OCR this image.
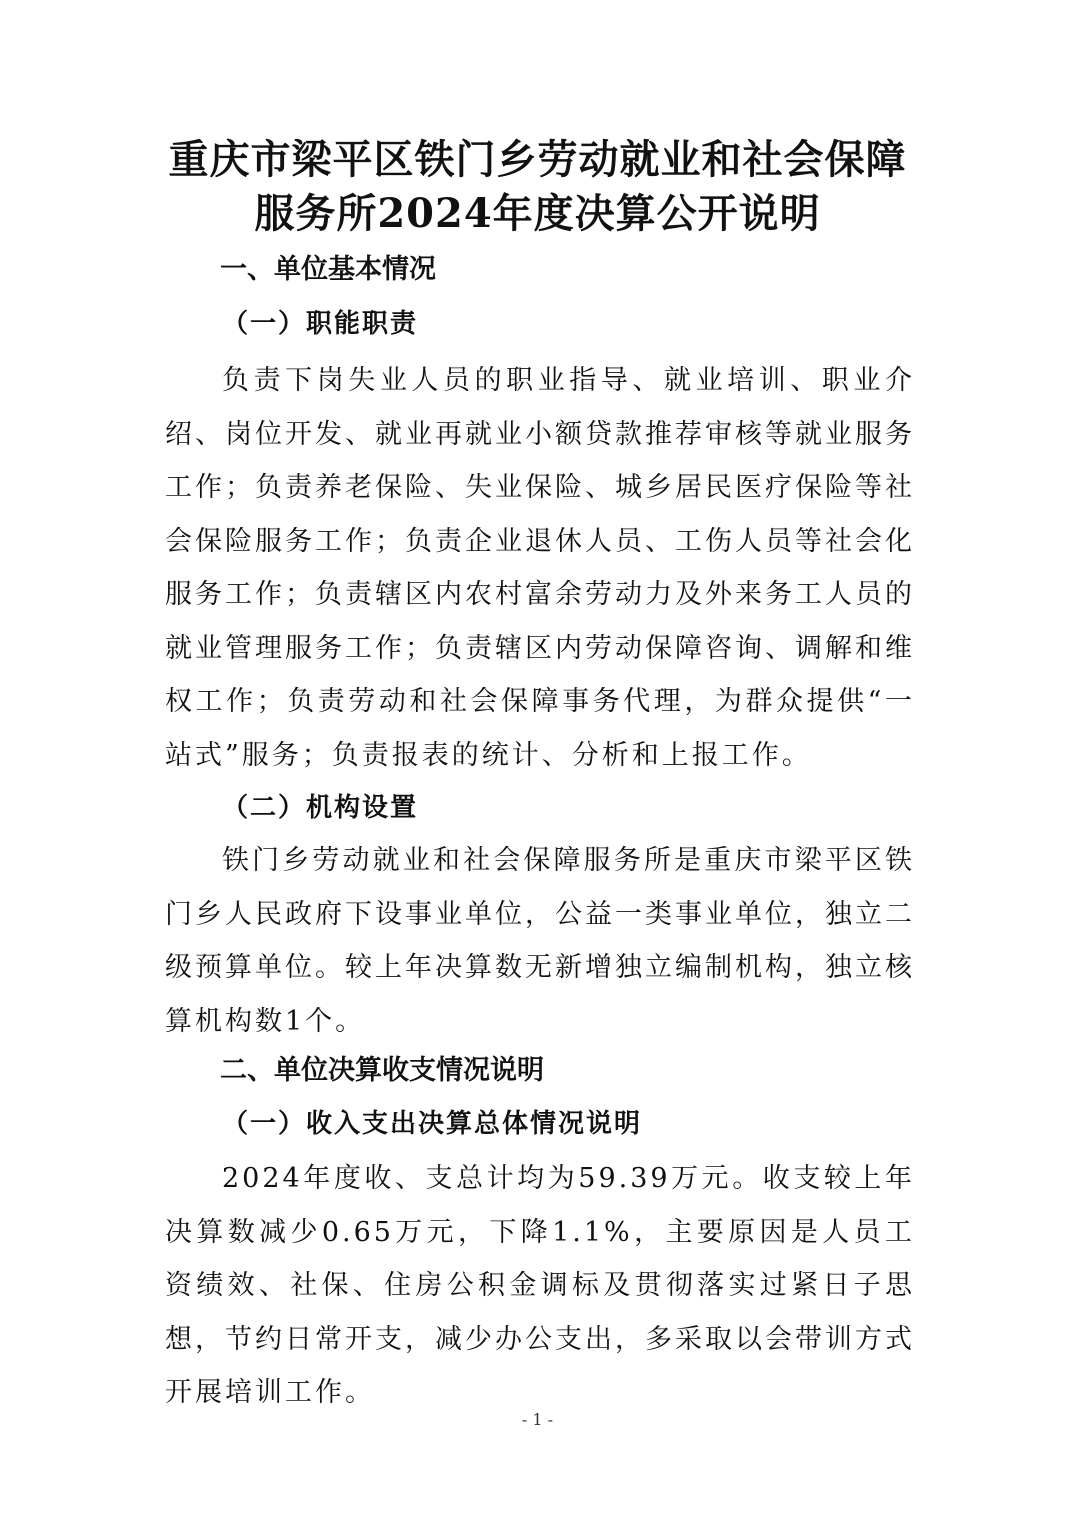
重庆市梁平区铁门乡劳动就业和社会保障
服务所2024年度决算公开说明
一、单位基本情况
（一）职能职责
负责下岗失业人员的职业指导、就业培训、职业介绍、岗位开发、就业再就业小额贷款推荐审核等就业服务工作；负责养老保险、失业保险、城乡居民医疗保险等社会保险服务工作；负责企业退休人员、工伤人员等社会化服务工作；负责辖区内农村富余劳动力及外来务工人员的就业管理服务工作；负责辖区内劳动保障咨询、调解和维权工作；负责劳动和社会保障事务代理，为群众提供“一站式”服务；负责报表的统计、分析和上报工作。
（二）机构设置
铁门乡劳动就业和社会保障服务所是重庆市梁平区铁门乡人民政府下设事业单位，公益一类事业单位，独立二级预算单位。较上年决算数无新增独立编制机构，独立核算机构数1个。
二、单位决算收支情况说明
（一）收入支出决算总体情况说明
2024年度收、支总计均为59.39万元。收支较上年决算数减少0.65万元，下降1.1%，主要原因是人员工资绩效、社保、住房公积金调标及贯彻落实过紧日子思想，节约日常开支，减少办公支出，多采取以会带训方式开展培训工作。
- 1 -
